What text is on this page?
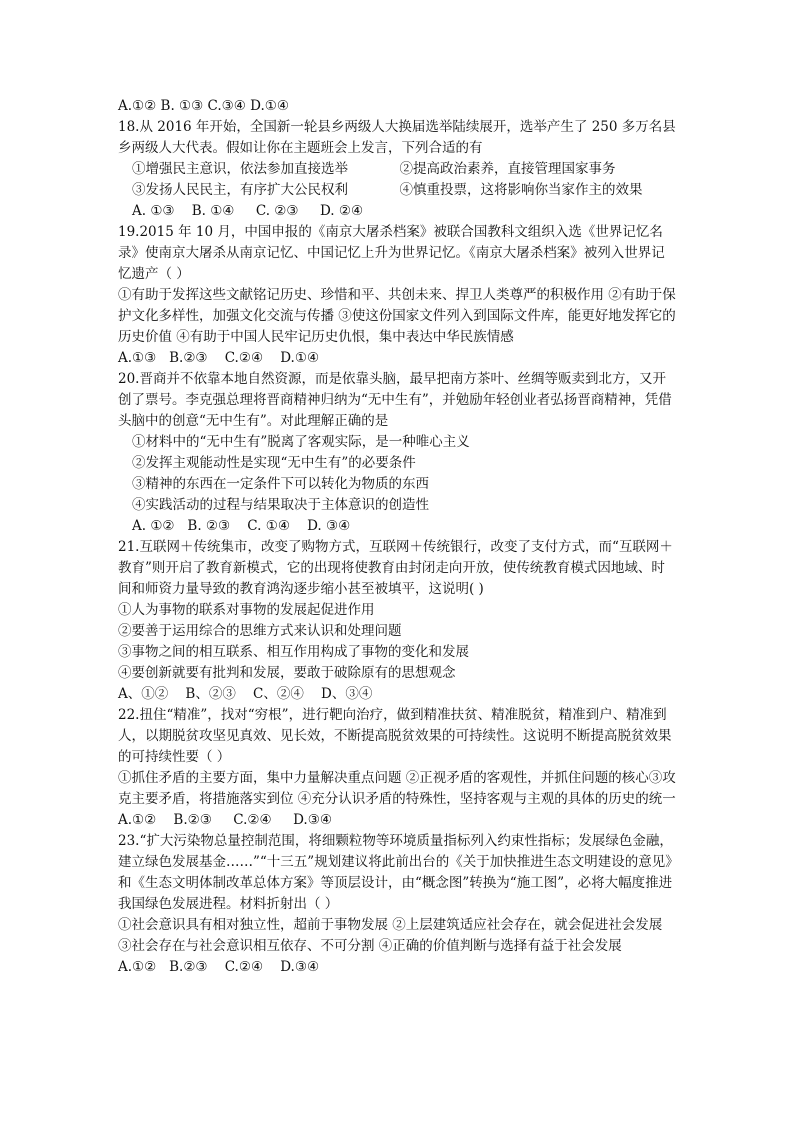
A.①② B. ①③ C.③④ D.①④
18.从 2016 年开始，全国新一轮县乡两级人大换届选举陆续展开，选举产生了 250 多万名县乡两级人大代表。假如让你在主题班会上发言，下列合适的有
①增强民主意识，依法参加直接选举            ②提高政治素养，直接管理国家事务
③发扬人民民主，有序扩大公民权利            ④慎重投票，这将影响你当家作主的效果
A. ①③    B. ①④     C. ②③     D. ②④
19.2015 年 10 月，中国申报的《南京大屠杀档案》被联合国教科文组织入选《世界记忆名录》使南京大屠杀从南京记忆、中国记忆上升为世界记忆。《南京大屠杀档案》被列入世界记忆遗产（ ）
①有助于发挥这些文献铭记历史、珍惜和平、共创未来、捍卫人类尊严的积极作用 ②有助于保护文化多样性，加强文化交流与传播 ③使这份国家文件列入到国际文件库，能更好地发挥它的历史价值 ④有助于中国人民牢记历史仇恨，集中表达中华民族情感
A.①③   B.②③    C.②④    D.①④
20.晋商并不依靠本地自然资源，而是依靠头脑，最早把南方茶叶、丝绸等贩卖到北方，又开创了票号。李克强总理将晋商精神归纳为“无中生有”，并勉励年轻创业者弘扬晋商精神，凭借头脑中的创意“无中生有”。对此理解正确的是
①材料中的“无中生有”脱离了客观实际，是一种唯心主义
②发挥主观能动性是实现“无中生有”的必要条件
③精神的东西在一定条件下可以转化为物质的东西
④实践活动的过程与结果取决于主体意识的创造性
A. ①②   B. ②③    C. ①④    D. ③④
21.互联网＋传统集市，改变了购物方式，互联网＋传统银行，改变了支付方式，而“互联网＋教育”则开启了教育新模式，它的出现将使教育由封闭走向开放，使传统教育模式因地域、时间和师资力量导致的教育鸿沟逐步缩小甚至被填平，这说明( )
①人为事物的联系对事物的发展起促进作用
②要善于运用综合的思维方式来认识和处理问题
③事物之间的相互联系、相互作用构成了事物的变化和发展
④要创新就要有批判和发展，要敢于破除原有的思想观念
A、①②    B、②③    C、②④    D、③④
22.扭住“精准”，找对“穷根”，进行靶向治疗，做到精准扶贫、精准脱贫，精准到户、精准到人，以期脱贫攻坚见真效、见长效，不断提高脱贫效果的可持续性。这说明不断提高脱贫效果的可持续性要（ ）
①抓住矛盾的主要方面，集中力量解决重点问题 ②正视矛盾的客观性，并抓住问题的核心③攻克主要矛盾，将措施落实到位 ④充分认识矛盾的特殊性，坚持客观与主观的具体的历史的统一
A.①②    B.②③     C.②④     D.③④
23.“扩大污染物总量控制范围，将细颗粒物等环境质量指标列入约束性指标；发展绿色金融，建立绿色发展基金……”“十三五”规划建议将此前出台的《关于加快推进生态文明建设的意见》和《生态文明体制改革总体方案》等顶层设计，由“概念图”转换为“施工图”，必将大幅度推进我国绿色发展进程。材料折射出（ ）
①社会意识具有相对独立性，超前于事物发展 ②上层建筑适应社会存在，就会促进社会发展 ③社会存在与社会意识相互依存、不可分割 ④正确的价值判断与选择有益于社会发展
A.①②   B.②③    C.②④    D.③④
